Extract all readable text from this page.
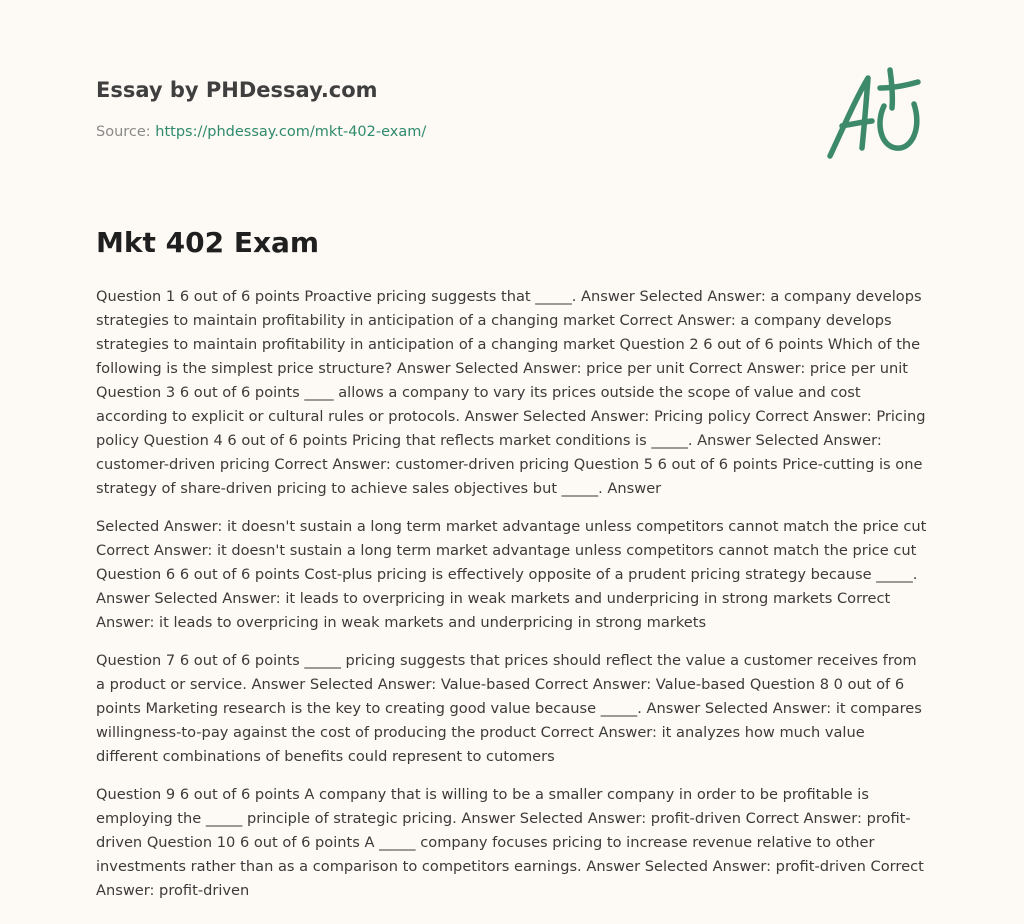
Essay by PHDessay.com
Source: https://phdessay.com/mkt-402-exam/
Mkt 402 Exam

Question 1 6 out of 6 points Proactive pricing suggests that _____. Answer Selected Answer: a company develops strategies to maintain profitability in anticipation of a changing market Correct Answer: a company develops strategies to maintain profitability in anticipation of a changing market Question 2 6 out of 6 points Which of the following is the simplest price structure? Answer Selected Answer: price per unit Correct Answer: price per unit Question 3 6 out of 6 points ____ allows a company to vary its prices outside the scope of value and cost according to explicit or cultural rules or protocols. Answer Selected Answer: Pricing policy Correct Answer: Pricing policy Question 4 6 out of 6 points Pricing that reflects market conditions is _____. Answer Selected Answer: customer-driven pricing Correct Answer: customer-driven pricing Question 5 6 out of 6 points Price-cutting is one strategy of share-driven pricing to achieve sales objectives but _____. Answer

Selected Answer: it doesn't sustain a long term market advantage unless competitors cannot match the price cut Correct Answer: it doesn't sustain a long term market advantage unless competitors cannot match the price cut Question 6 6 out of 6 points Cost-plus pricing is effectively opposite of a prudent pricing strategy because _____. Answer Selected Answer: it leads to overpricing in weak markets and underpricing in strong markets Correct Answer: it leads to overpricing in weak markets and underpricing in strong markets

Question 7 6 out of 6 points _____ pricing suggests that prices should reflect the value a customer receives from a product or service. Answer Selected Answer: Value-based Correct Answer: Value-based Question 8 0 out of 6 points Marketing research is the key to creating good value because _____. Answer Selected Answer: it compares willingness-to-pay against the cost of producing the product Correct Answer: it analyzes how much value different combinations of benefits could represent to cutomers

Question 9 6 out of 6 points A company that is willing to be a smaller company in order to be profitable is employing the _____ principle of strategic pricing. Answer Selected Answer: profit-driven Correct Answer: profit-driven Question 10 6 out of 6 points A _____ company focuses pricing to increase revenue relative to other investments rather than as a comparison to competitors earnings. Answer Selected Answer: profit-driven Correct Answer: profit-driven
